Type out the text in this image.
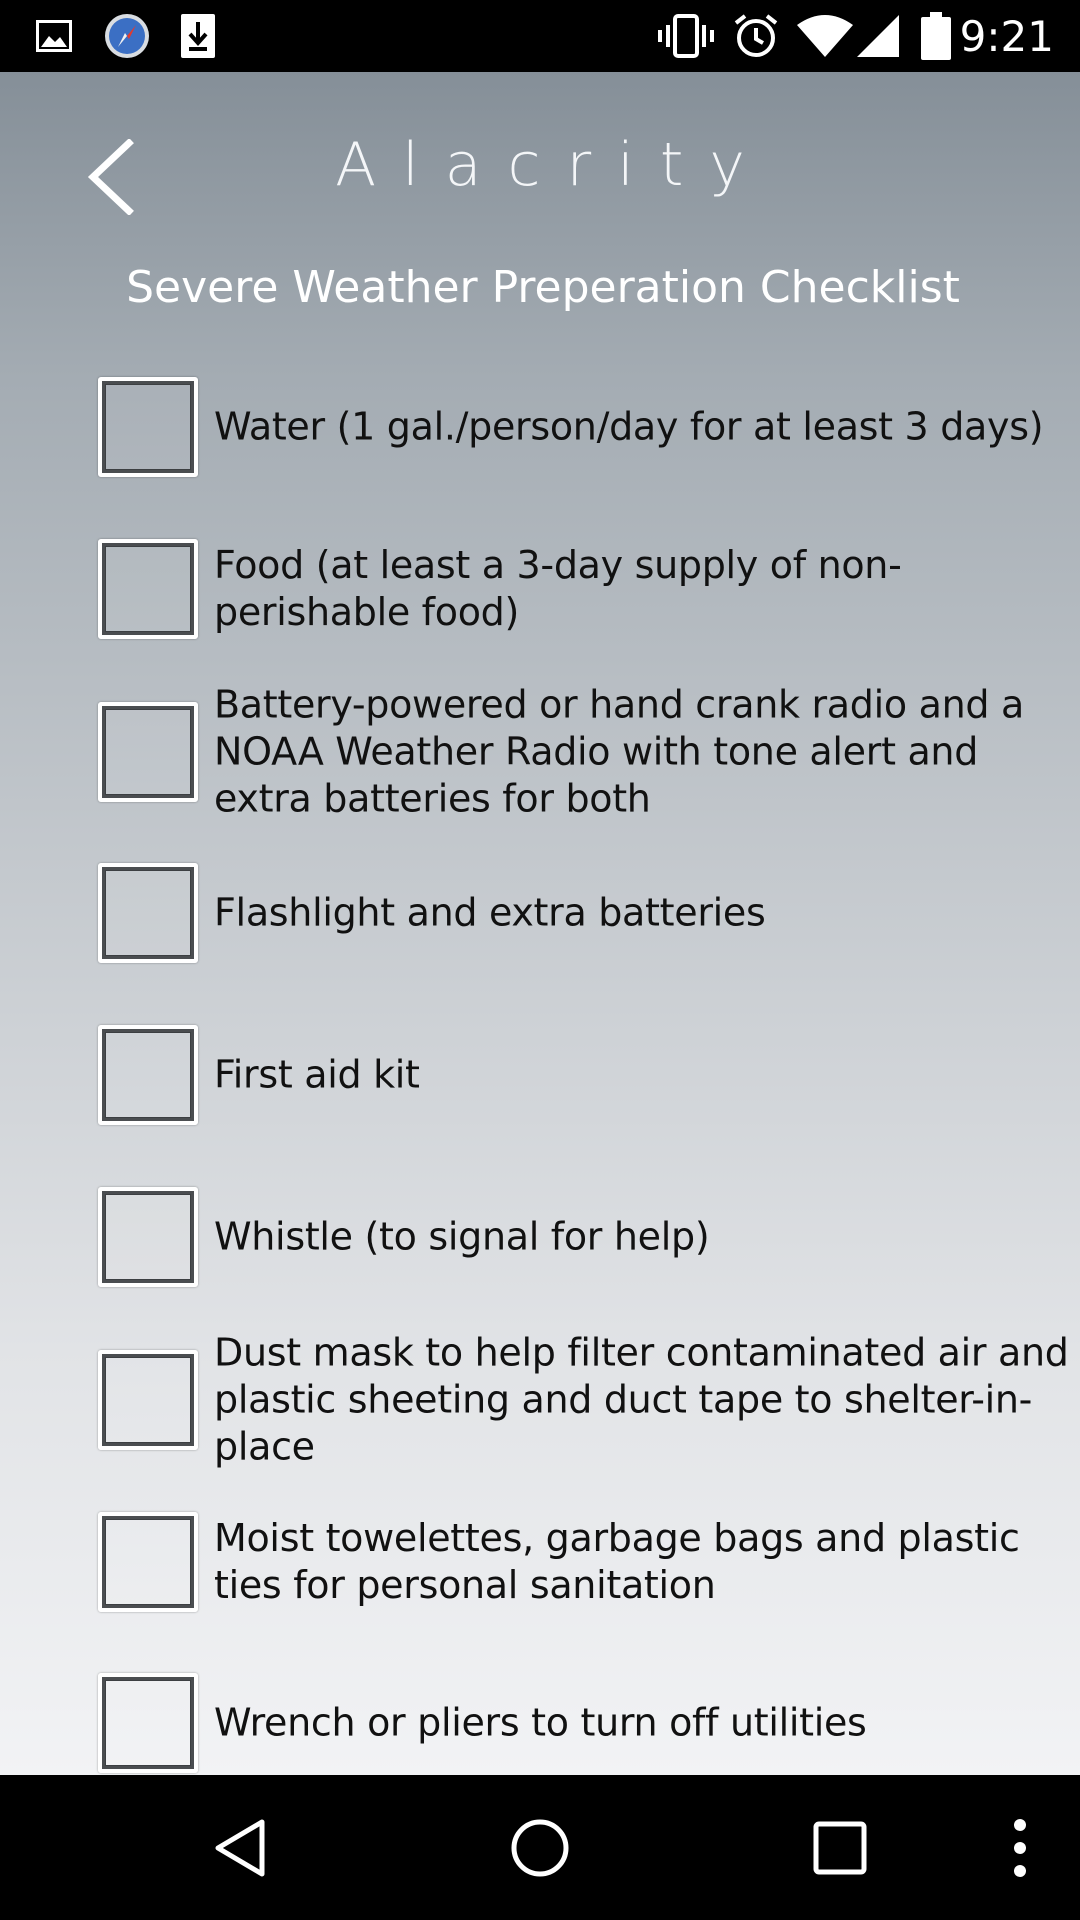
9:21
Alacrity
Severe Weather Preperation Checklist
Water (1 gal./person/day for at least 3 days)
Food (at least a 3-day supply of non-perishable food)
Battery-powered or hand crank radio and a NOAA Weather Radio with tone alert and extra batteries for both
Flashlight and extra batteries
First aid kit
Whistle (to signal for help)
Dust mask to help filter contaminated air and plastic sheeting and duct tape to shelter-in-place
Moist towelettes, garbage bags and plastic ties for personal sanitation
Wrench or pliers to turn off utilities
